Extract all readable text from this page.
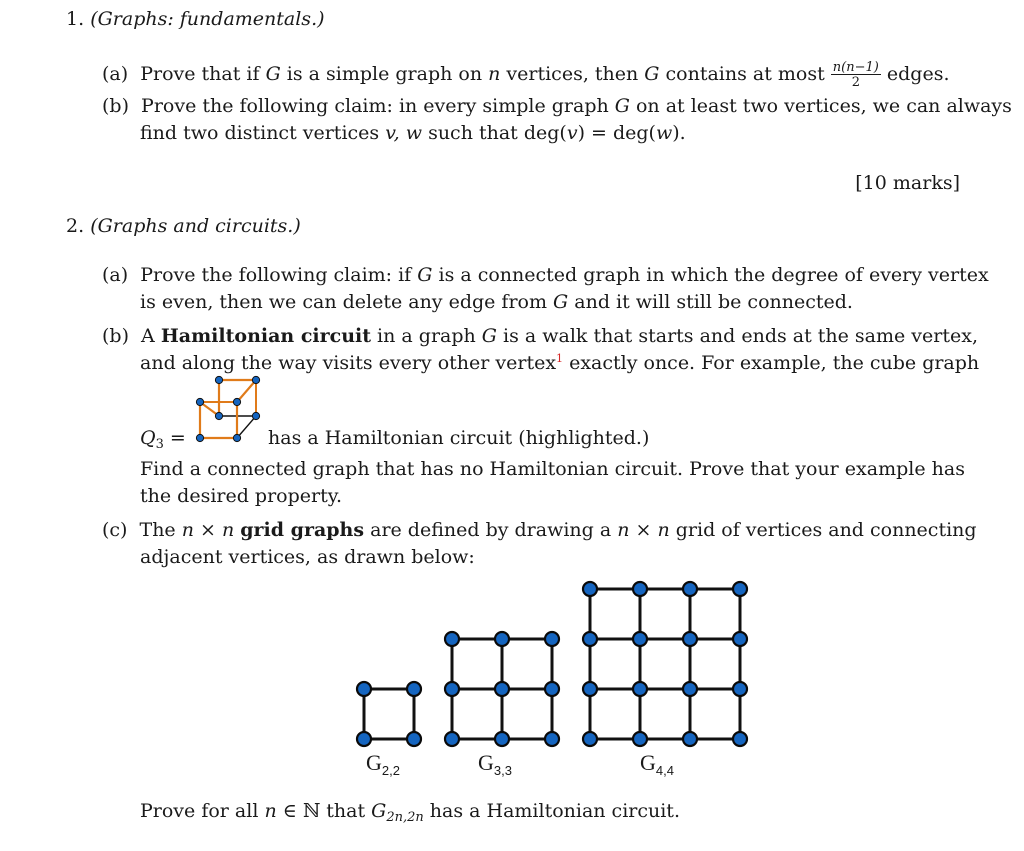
1. (Graphs: fundamentals.)
(a) Prove that if G is a simple graph on n vertices, then G contains at most $\frac{n(n-1)}{2}$ edges.
(b) Prove the following claim: in every simple graph G on at least two vertices, we can always
find two distinct vertices v, w such that deg(v) = deg(w).
[10 marks]
2. (Graphs and circuits.)
(a) Prove the following claim: if G is a connected graph in which the degree of every vertex
is even, then we can delete any edge from G and it will still be connected.
(b) A Hamiltonian circuit in a graph G is a walk that starts and ends at the same vertex,
and along the way visits every other vertex$^1$ exactly once. For example, the cube graph
$Q_3$ =	has a Hamiltonian circuit (highlighted.)
Find a connected graph that has no Hamiltonian circuit. Prove that your example has
the desired property.
(c) The n × n grid graphs are defined by drawing a n × n grid of vertices and connecting
adjacent vertices, as drawn below:
$G_{2,2}$	$G_{3,3}$	$G_{4,4}$
Prove for all n ∈ ℕ that $G_{2n,2n}$ has a Hamiltonian circuit.
